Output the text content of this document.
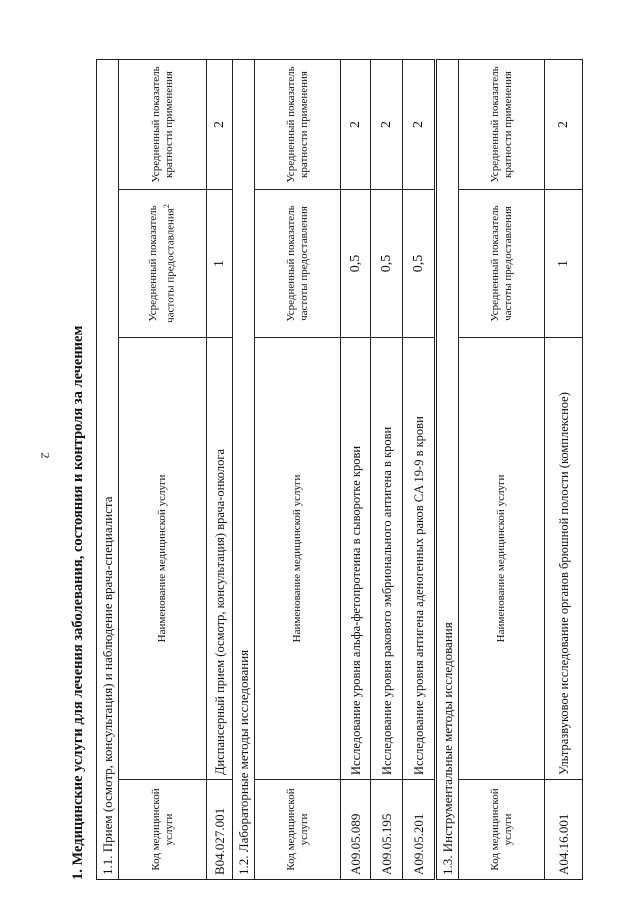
2 1. Медицинские услуги для лечения заболевания, состояния и контроля за лечением 1.1. Прием (осмотр, консультация) и наблюдение врача-специалиста			
Код медицинской услуги	Наименование медицинской услуги	Усредненный показатель частоты предоставления$^2$	Усредненный показатель кратности применения
B04.027.001	Диспансерный прием (осмотр, консультация) врача-онколога	1	2
1.2. Лабораторные методы исследования			
Код медицинской услуги	Наименование медицинской услуги	Усредненный показатель частоты предоставления	Усредненный показатель кратности применения
A09.05.089	Исследование уровня альфа-фетопротеина в сыворотке крови	0,5	2
A09.05.195	Исследование уровня ракового эмбрионального антигена в крови	0,5	2
A09.05.201	Исследование уровня антигена аденогенных раков CA 19-9 в крови	0,5	2
1.3. Инструментальные методы исследования			
Код медицинской услуги	Наименование медицинской услуги	Усредненный показатель частоты предоставления	Усредненный показатель кратности применения
A04.16.001	Ультразвуковое исследование органов брюшной полости (комплексное)	1	2
